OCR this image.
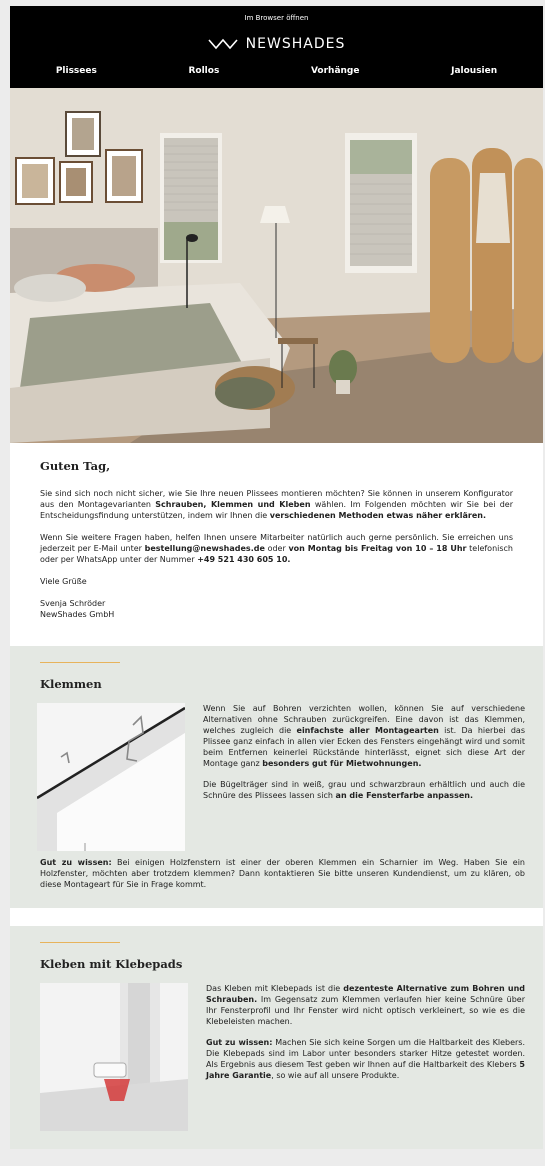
Im Browser öffnen
NEWSHADES
Plissees	Rollos	Vorhänge	Jalousien
Guten Tag,

Sie sind sich noch nicht sicher, wie Sie Ihre neuen Plissees montieren möchten? Sie können in unserem Konfigurator aus den Montagevarianten Schrauben, Klemmen und Kleben wählen. Im Folgenden möchten wir Sie bei der Entscheidungsfindung unterstützen, indem wir Ihnen die verschiedenen Methoden etwas näher erklären.

Wenn Sie weitere Fragen haben, helfen Ihnen unsere Mitarbeiter natürlich auch gerne persönlich. Sie erreichen uns jederzeit per E-Mail unter bestellung@newshades.de oder von Montag bis Freitag von 10 – 18 Uhr telefonisch oder per WhatsApp unter der Nummer +49 521 430 605 10.

Viele Grüße

Svenja Schröder
NewShades GmbH

Klemmen

Wenn Sie auf Bohren verzichten wollen, können Sie auf verschiedene Alternativen ohne Schrauben zurückgreifen. Eine davon ist das Klemmen, welches zugleich die einfachste aller Montagearten ist. Da hierbei das Plissee ganz einfach in allen vier Ecken des Fensters eingehängt wird und somit beim Entfernen keinerlei Rückstände hinterlässt, eignet sich diese Art der Montage ganz besonders gut für Mietwohnungen.

Die Bügelträger sind in weiß, grau und schwarzbraun erhältlich und auch die Schnüre des Plissees lassen sich an die Fensterfarbe anpassen.

Gut zu wissen: Bei einigen Holzfenstern ist einer der oberen Klemmen ein Scharnier im Weg. Haben Sie ein Holzfenster, möchten aber trotzdem klemmen? Dann kontaktieren Sie bitte unseren Kundendienst, um zu klären, ob diese Montageart für Sie in Frage kommt.
Kleben mit Klebepads

Das Kleben mit Klebepads ist die dezenteste Alternative zum Bohren und Schrauben. Im Gegensatz zum Klemmen verlaufen hier keine Schnüre über Ihr Fensterprofil und Ihr Fenster wird nicht optisch verkleinert, so wie es die Klebeleisten machen.

Gut zu wissen: Machen Sie sich keine Sorgen um die Haltbarkeit des Klebers. Die Klebepads sind im Labor unter besonders starker Hitze getestet worden. Als Ergebnis aus diesem Test geben wir Ihnen auf die Haltbarkeit des Klebers 5 Jahre Garantie, so wie auf all unsere Produkte.
